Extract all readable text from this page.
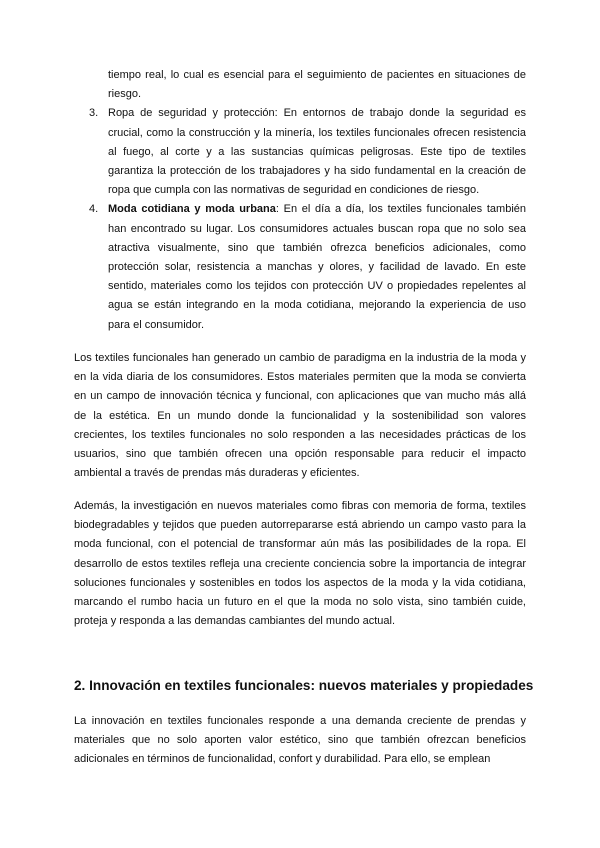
tiempo real, lo cual es esencial para el seguimiento de pacientes en situaciones de riesgo.

3. Ropa de seguridad y protección: En entornos de trabajo donde la seguridad es crucial, como la construcción y la minería, los textiles funcionales ofrecen resistencia al fuego, al corte y a las sustancias químicas peligrosas. Este tipo de textiles garantiza la protección de los trabajadores y ha sido fundamental en la creación de ropa que cumpla con las normativas de seguridad en condiciones de riesgo.

4. Moda cotidiana y moda urbana: En el día a día, los textiles funcionales también han encontrado su lugar. Los consumidores actuales buscan ropa que no solo sea atractiva visualmente, sino que también ofrezca beneficios adicionales, como protección solar, resistencia a manchas y olores, y facilidad de lavado. En este sentido, materiales como los tejidos con protección UV o propiedades repelentes al agua se están integrando en la moda cotidiana, mejorando la experiencia de uso para el consumidor.

Los textiles funcionales han generado un cambio de paradigma en la industria de la moda y en la vida diaria de los consumidores. Estos materiales permiten que la moda se convierta en un campo de innovación técnica y funcional, con aplicaciones que van mucho más allá de la estética. En un mundo donde la funcionalidad y la sostenibilidad son valores crecientes, los textiles funcionales no solo responden a las necesidades prácticas de los usuarios, sino que también ofrecen una opción responsable para reducir el impacto ambiental a través de prendas más duraderas y eficientes.

Además, la investigación en nuevos materiales como fibras con memoria de forma, textiles biodegradables y tejidos que pueden autorrepararse está abriendo un campo vasto para la moda funcional, con el potencial de transformar aún más las posibilidades de la ropa. El desarrollo de estos textiles refleja una creciente conciencia sobre la importancia de integrar soluciones funcionales y sostenibles en todos los aspectos de la moda y la vida cotidiana, marcando el rumbo hacia un futuro en el que la moda no solo vista, sino también cuide, proteja y responda a las demandas cambiantes del mundo actual.

2. Innovación en textiles funcionales: nuevos materiales y propiedades

La innovación en textiles funcionales responde a una demanda creciente de prendas y materiales que no solo aporten valor estético, sino que también ofrezcan beneficios adicionales en términos de funcionalidad, confort y durabilidad. Para ello, se emplean
